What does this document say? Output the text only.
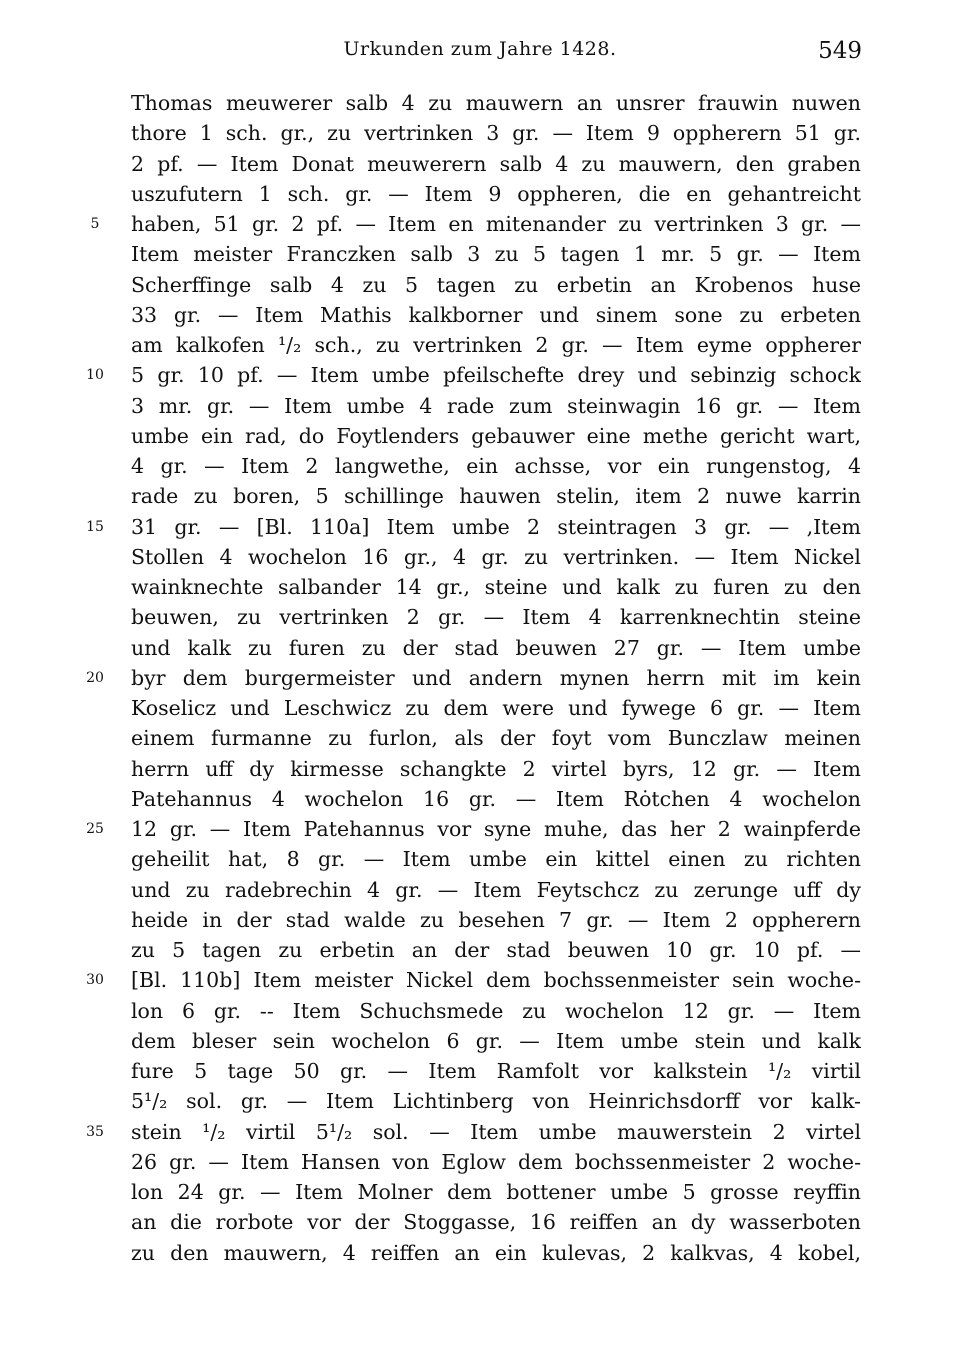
Urkunden zum Jahre 1428.	549
Thomas meuwerer salb 4 zu mauwern an unsrer frauwin nuwen
thore 1 sch. gr., zu vertrinken 3 gr. — Item 9 oppherern 51 gr.
2 pf. — Item Donat meuwerern salb 4 zu mauwern, den graben
uszufutern 1 sch. gr. — Item 9 oppheren, die en gehantreicht
5	haben, 51 gr. 2 pf. — Item en mitenander zu vertrinken 3 gr. —
Item meister Franczken salb 3 zu 5 tagen 1 mr. 5 gr. — Item
Scherffinge salb 4 zu 5 tagen zu erbetin an Krobenos huse
33 gr. — Item Mathis kalkborner und sinem sone zu erbeten
am kalkofen ¹/₂ sch., zu vertrinken 2 gr. — Item eyme oppherer
10	5 gr. 10 pf. — Item umbe pfeilschefte drey und sebinzig schock
3 mr. gr. — Item umbe 4 rade zum steinwagin 16 gr. — Item
umbe ein rad, do Foytlenders gebauwer eine methe gericht wart,
4 gr. — Item 2 langwethe, ein achsse, vor ein rungenstog, 4
rade zu boren, 5 schillinge hauwen stelin, item 2 nuwe karrin
15	31 gr. — [Bl. 110a] Item umbe 2 steintragen 3 gr. — ,Item
Stollen 4 wochelon 16 gr., 4 gr. zu vertrinken. — Item Nickel
wainknechte salbander 14 gr., steine und kalk zu furen zu den
beuwen, zu vertrinken 2 gr. — Item 4 karrenknechtin steine
und kalk zu furen zu der stad beuwen 27 gr. — Item umbe
20	byr dem burgermeister und andern mynen herrn mit im kein
Koselicz und Leschwicz zu dem were und fywege 6 gr. — Item
einem furmanne zu furlon, als der foyt vom Bunczlaw meinen
herrn uff dy kirmesse schangkte 2 virtel byrs, 12 gr. — Item
Patehannus 4 wochelon 16 gr. — Item Rȯtchen 4 wochelon
25	12 gr. — Item Patehannus vor syne muhe, das her 2 wainpferde
geheilit hat, 8 gr. — Item umbe ein kittel einen zu richten
und zu radebrechin 4 gr. — Item Feytschcz zu zerunge uff dy
heide in der stad walde zu besehen 7 gr. — Item 2 oppherern
zu 5 tagen zu erbetin an der stad beuwen 10 gr. 10 pf. —
30	[Bl. 110b] Item meister Nickel dem bochssenmeister sein woche-
lon 6 gr. -- Item Schuchsmede zu wochelon 12 gr. — Item
dem bleser sein wochelon 6 gr. — Item umbe stein und kalk
fure 5 tage 50 gr. — Item Ramfolt vor kalkstein ¹/₂ virtil
5¹/₂ sol. gr. — Item Lichtinberg von Heinrichsdorff vor kalk-
35	stein ¹/₂ virtil 5¹/₂ sol. — Item umbe mauwerstein 2 virtel
26 gr. — Item Hansen von Eglow dem bochssenmeister 2 woche-
lon 24 gr. — Item Molner dem bottener umbe 5 grosse reyffin
an die rorbote vor der Stoggasse, 16 reiffen an dy wasserboten
zu den mauwern, 4 reiffen an ein kulevas, 2 kalkvas, 4 kobel,
